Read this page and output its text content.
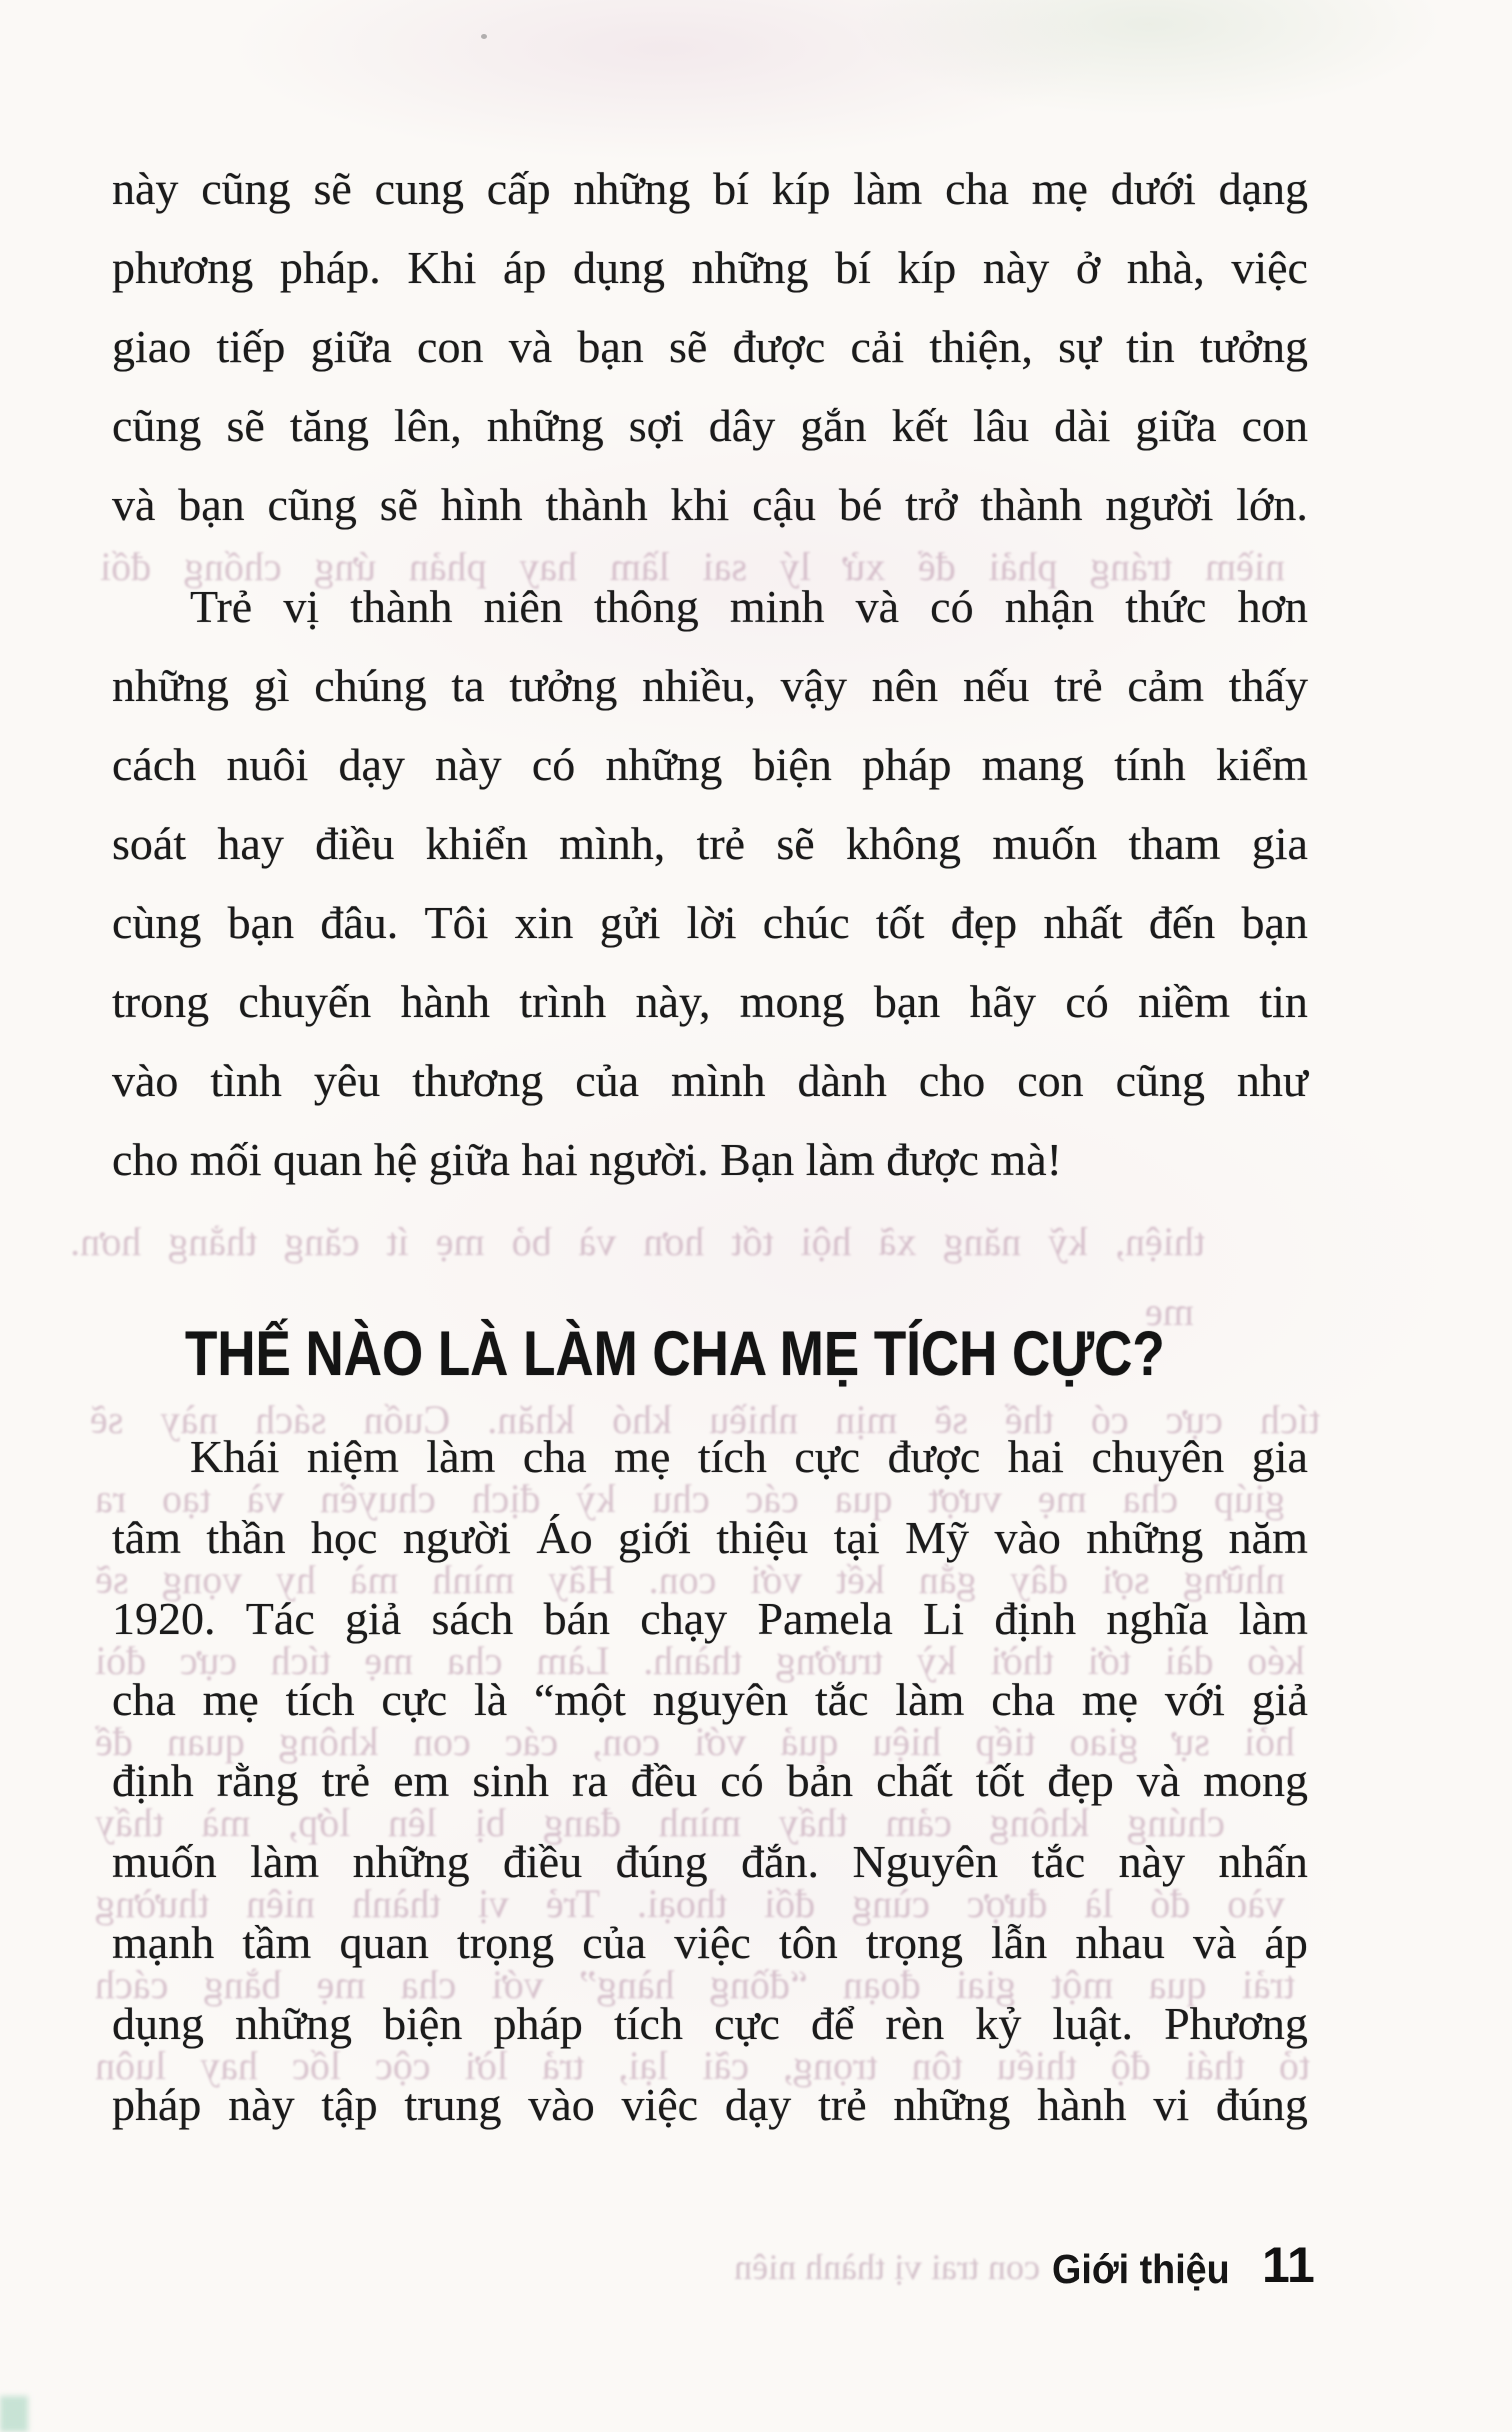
này cũng sẽ cung cấp những bí kíp làm cha mẹ dưới dạng
phương pháp. Khi áp dụng những bí kíp này ở nhà, việc
giao tiếp giữa con và bạn sẽ được cải thiện, sự tin tưởng
cũng sẽ tăng lên, những sợi dây gắn kết lâu dài giữa con
và bạn cũng sẽ hình thành khi cậu bé trở thành người lớn.
niềm
tráng
phải
để
xử
lý
sai
lầm
hay
phản
ứng
chống
đối
Trẻ vị thành niên thông minh và có nhận thức hơn
những gì chúng ta tưởng nhiều, vậy nên nếu trẻ cảm thấy
cách nuôi dạy này có những biện pháp mang tính kiểm
soát hay điều khiển mình, trẻ sẽ không muốn tham gia
cùng bạn đâu. Tôi xin gửi lời chúc tốt đẹp nhất đến bạn
trong chuyến hành trình này, mong bạn hãy có niềm tin
vào tình yêu thương của mình dành cho con cũng như
cho mối quan hệ giữa hai người. Bạn làm được mà!
thiện,
kỹ
năng
xã
hội
tốt
hơn
và
bỏ
mẹ
ít
căng
thẳng
hơn.
me
THẾ NÀO LÀ LÀM CHA MẸ TÍCH CỰC?
tích
cực
có
thể
sẽ
mịn
nhiều
khó
khăn.
Cuốn
sách
này
sẽ
Khái niệm làm cha mẹ tích cực được hai chuyên gia
giúp
cha
mẹ
vượt
qua
các
chu
kỳ
địch
chuyển
và
tạo
ra
tâm thần học người Áo giới thiệu tại Mỹ vào những năm
những
sợi
dây
gắn
kết
với
con.
Hãy
mình
mà
hy
vọng
sẽ
1920. Tác giả sách bán chạy Pamela Li định nghĩa làm
kéo
dài
tới
thời
kỳ
trưởng
thành.
Làm
cha
mẹ
tích
cực
đòi
cha mẹ tích cực là “một nguyên tắc làm cha mẹ với giả
hỏi
sự
giao
tiếp
hiệu
quả
với
con,
các
con
không
quan
để
định rằng trẻ em sinh ra đều có bản chất tốt đẹp và mong
chúng
không
cảm
thấy
mình
đang
bị
lên
lớp,
mà
thấy
muốn làm những điều đúng đắn. Nguyên tắc này nhấn
vào
đó
là
được
cùng
đối
thoại.
Trẻ
vị
thành
niên
thường
mạnh tầm quan trọng của việc tôn trọng lẫn nhau và áp
trải
qua
một
giai
đoạn
“đồng
hàng”
với
cha
mẹ
bằng
cách
dụng những biện pháp tích cực để rèn kỷ luật. Phương
tỏ
thái
độ
thiếu
tôn
trọng,
cãi
lại,
trả
lời
cộc
lốc
hay
luôn
pháp này tập trung vào việc dạy trẻ những hành vi đúng
con trai vị thành niên Giới thiệu 11
